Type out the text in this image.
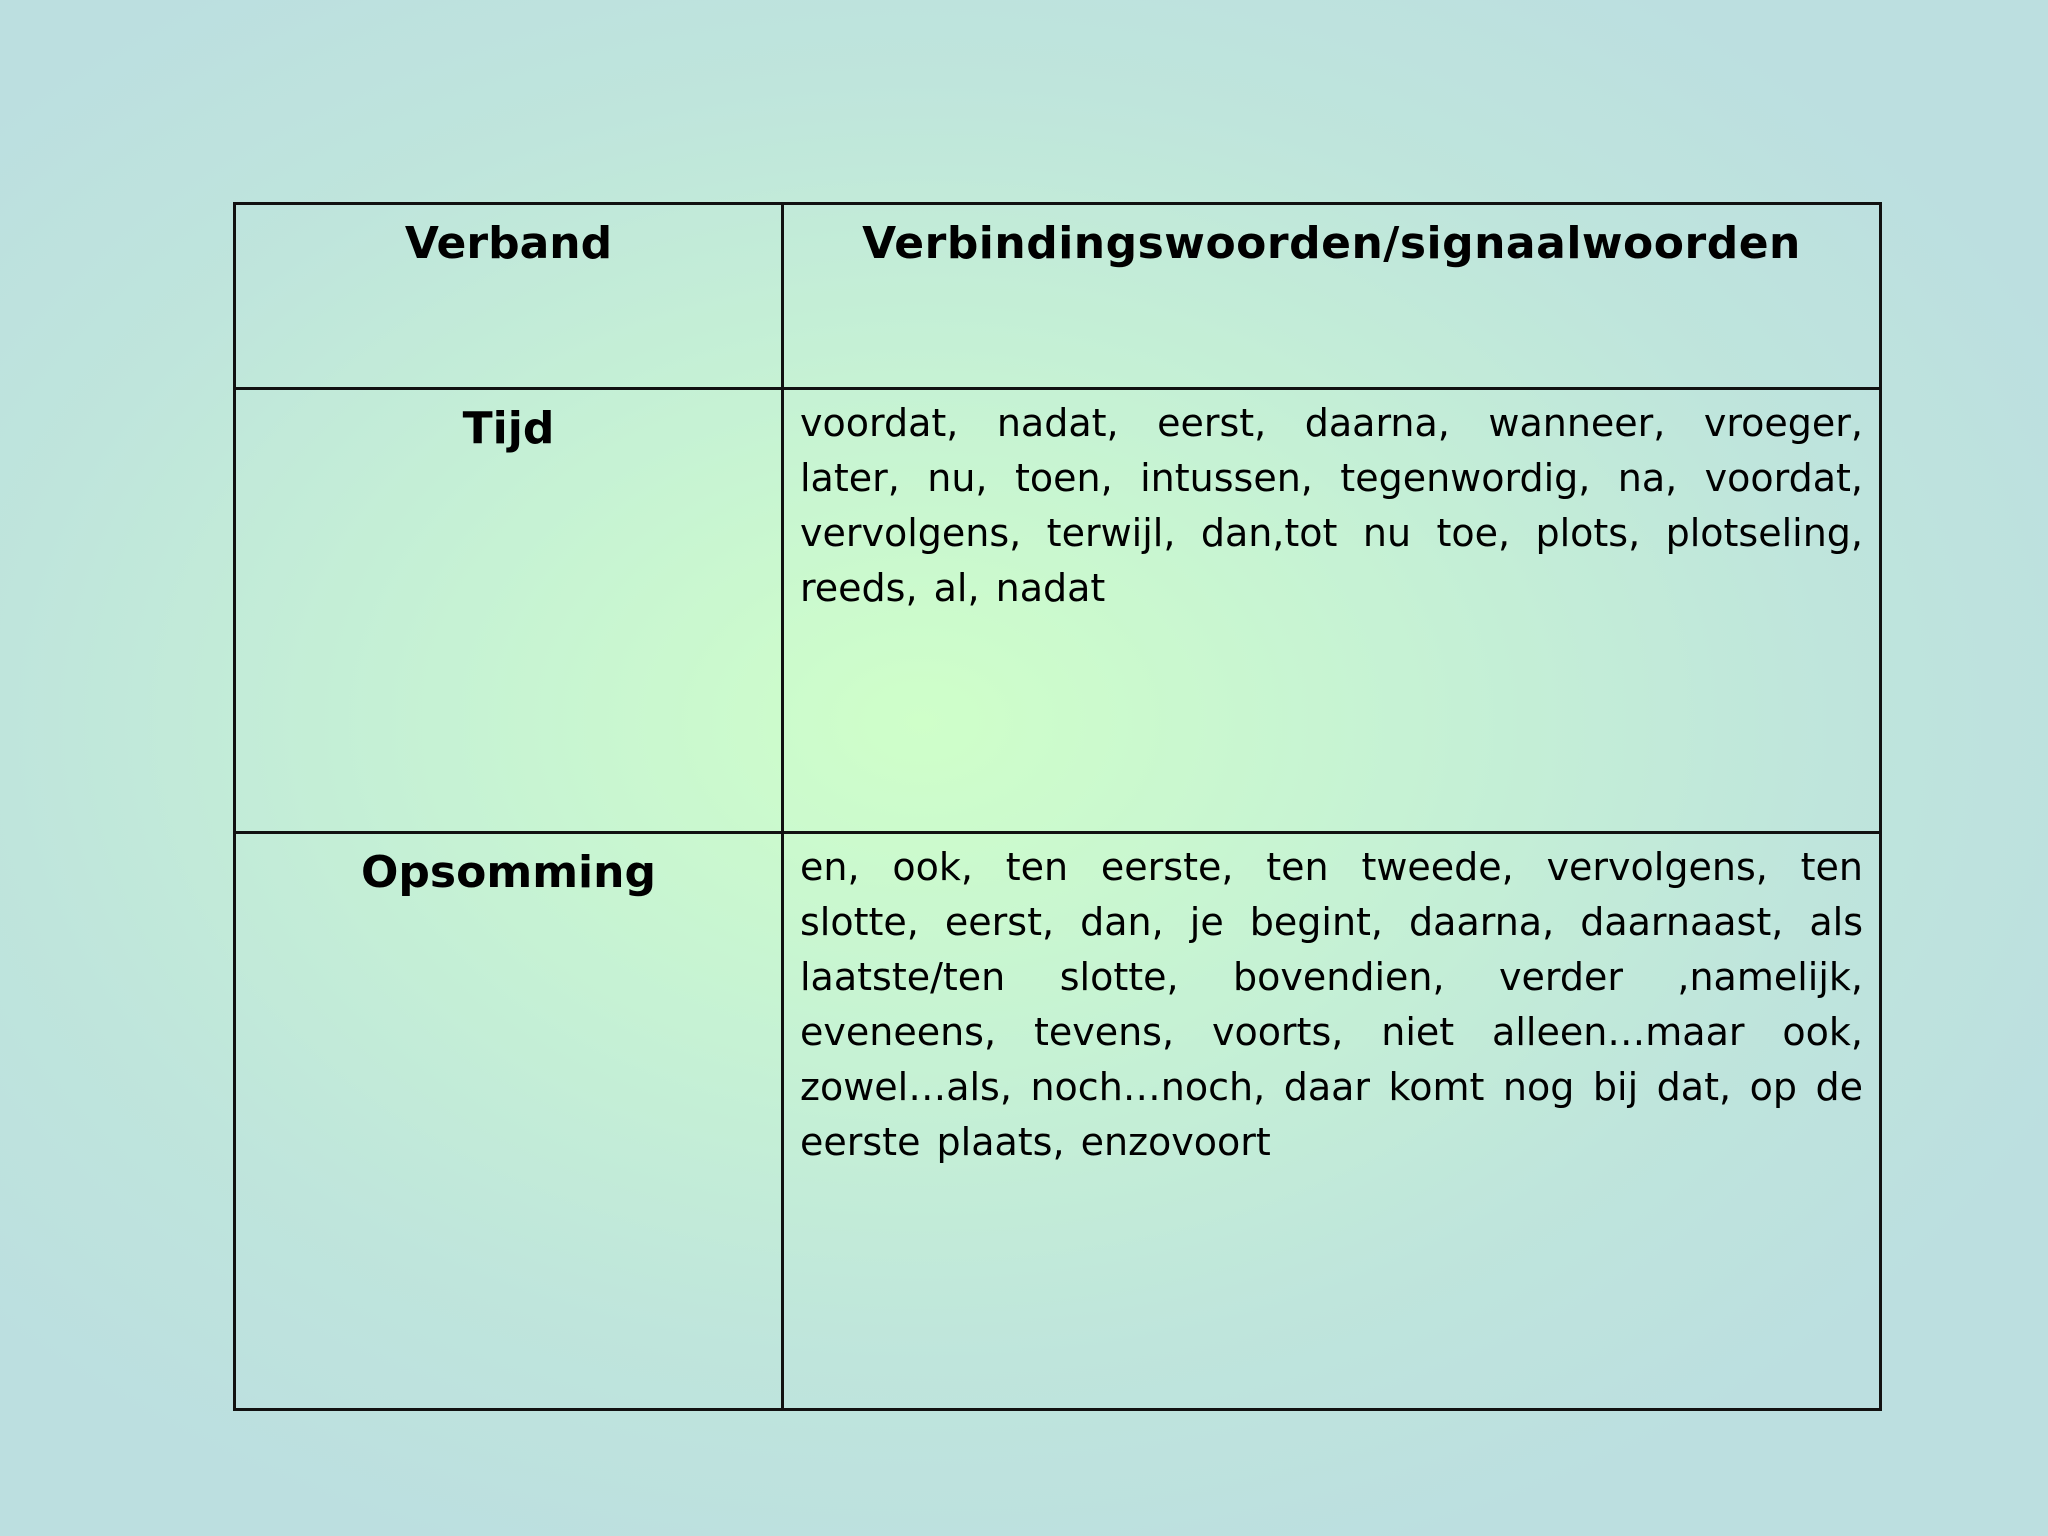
Verband	Verbindingswoorden/signaalwoorden
Tijd	voordat, nadat, eerst, daarna, wanneer, vroeger, later, nu, toen, intussen, tegenwordig, na, voordat, vervolgens, terwijl, dan,tot nu toe, plots, plotseling, reeds, al, nadat
Opsomming	en, ook, ten eerste, ten tweede, vervolgens, ten slotte, eerst, dan, je begint, daarna, daarnaast, als laatste/ten slotte, bovendien, verder ,namelijk, eveneens, tevens, voorts, niet alleen…maar ook, zowel…als, noch…noch, daar komt nog bij dat, op de eerste plaats, enzovoort
